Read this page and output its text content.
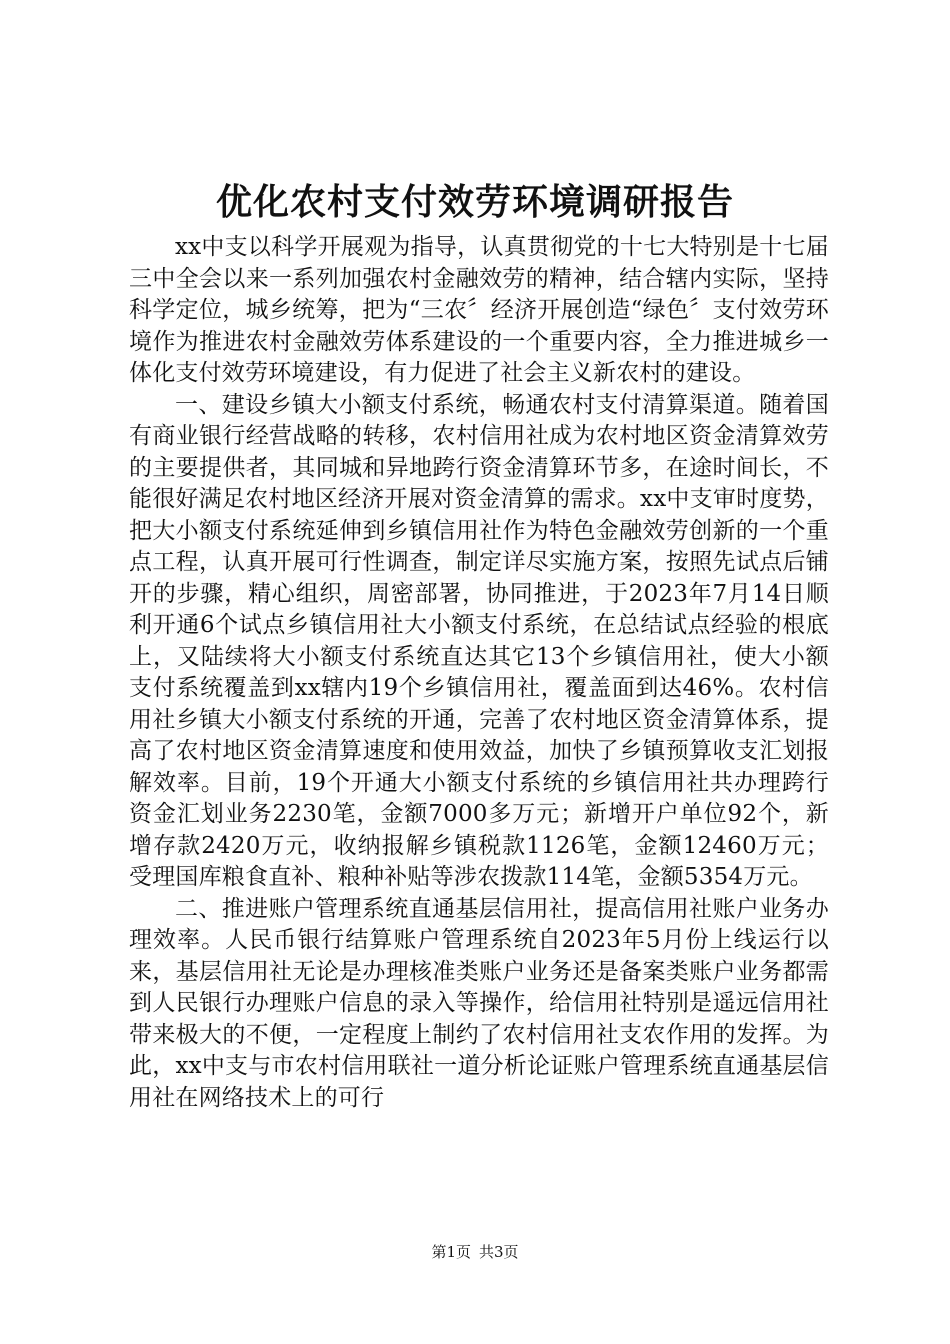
优化农村支付效劳环境调研报告

xx中支以科学开展观为指导，认真贯彻党的十七大特别是十七届三中全会以来一系列加强农村金融效劳的精神，结合辖内实际，坚持科学定位，城乡统筹，把为“三农〞经济开展创造“绿色〞支付效劳环境作为推进农村金融效劳体系建设的一个重要内容，全力推进城乡一体化支付效劳环境建设，有力促进了社会主义新农村的建设。

一、建设乡镇大小额支付系统，畅通农村支付清算渠道。随着国有商业银行经营战略的转移，农村信用社成为农村地区资金清算效劳的主要提供者，其同城和异地跨行资金清算环节多，在途时间长，不能很好满足农村地区经济开展对资金清算的需求。xx中支审时度势，把大小额支付系统延伸到乡镇信用社作为特色金融效劳创新的一个重点工程，认真开展可行性调查，制定详尽实施方案，按照先试点后铺开的步骤，精心组织，周密部署，协同推进，于2023年7月14日顺利开通6个试点乡镇信用社大小额支付系统，在总结试点经验的根底上，又陆续将大小额支付系统直达其它13个乡镇信用社，使大小额支付系统覆盖到xx辖内19个乡镇信用社，覆盖面到达46%。农村信用社乡镇大小额支付系统的开通，完善了农村地区资金清算体系，提高了农村地区资金清算速度和使用效益，加快了乡镇预算收支汇划报解效率。目前，19个开通大小额支付系统的乡镇信用社共办理跨行资金汇划业务2230笔，金额7000多万元；新增开户单位92个，新增存款2420万元，收纳报解乡镇税款1126笔，金额12460万元；受理国库粮食直补、粮种补贴等涉农拨款114笔，金额5354万元。

二、推进账户管理系统直通基层信用社，提高信用社账户业务办理效率。人民币银行结算账户管理系统自2023年5月份上线运行以来，基层信用社无论是办理核准类账户业务还是备案类账户业务都需到人民银行办理账户信息的录入等操作，给信用社特别是遥远信用社带来极大的不便，一定程度上制约了农村信用社支农作用的发挥。为此，xx中支与市农村信用联社一道分析论证账户管理系统直通基层信用社在网络技术上的可行

第1页 共3页
